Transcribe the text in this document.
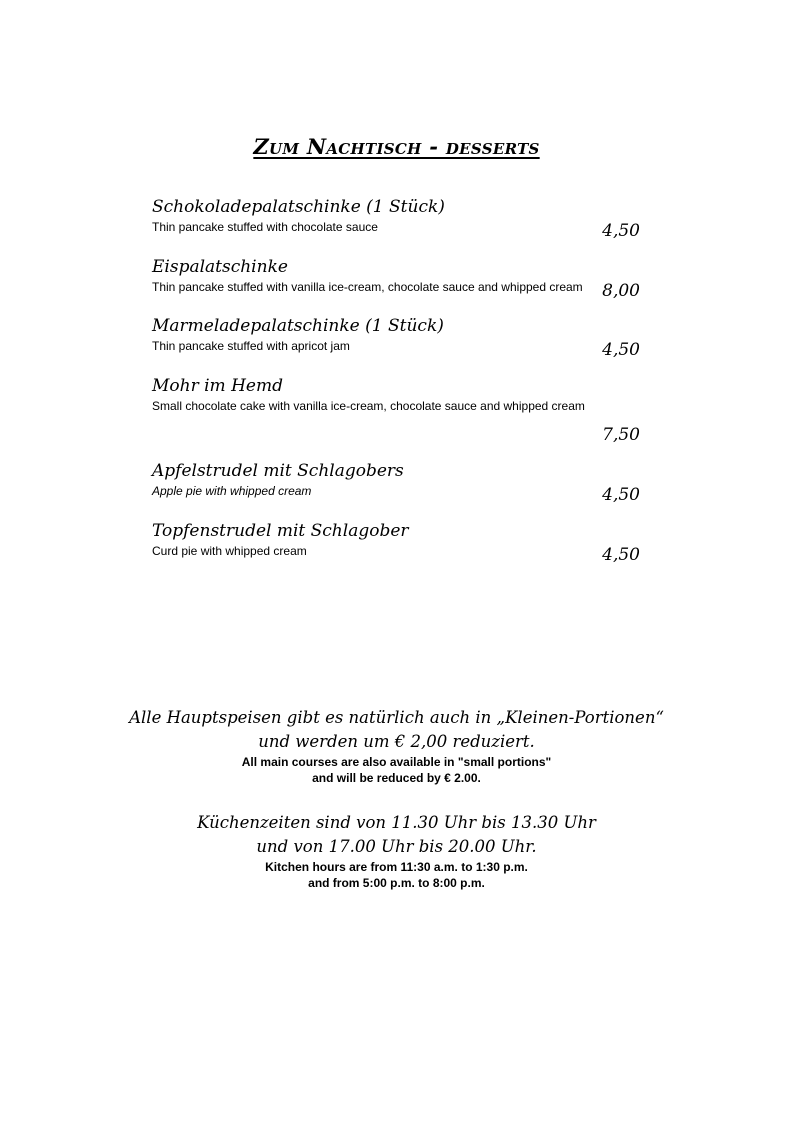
Zum Nachtisch - desserts
Schokoladepalatschinke (1 Stück)
Thin pancake stuffed with chocolate sauce	4,50
Eispalatschinke
Thin pancake stuffed with vanilla ice-cream, chocolate sauce and whipped cream	8,00
Marmeladepalatschinke (1 Stück)
Thin pancake stuffed with apricot jam	4,50
Mohr im Hemd
Small chocolate cake with vanilla ice-cream, chocolate sauce and whipped cream
7,50
Apfelstrudel mit Schlagobers
Apple pie with whipped cream	4,50
Topfenstrudel mit Schlagober
Curd pie with whipped cream	4,50
Alle Hauptspeisen gibt es natürlich auch in „Kleinen-Portionen“
und werden um € 2,00 reduziert.
All main courses are also available in "small portions"
and will be reduced by € 2.00.
Küchenzeiten sind von 11.30 Uhr bis 13.30 Uhr
und von 17.00 Uhr bis 20.00 Uhr.
Kitchen hours are from 11:30 a.m. to 1:30 p.m.
and from 5:00 p.m. to 8:00 p.m.
